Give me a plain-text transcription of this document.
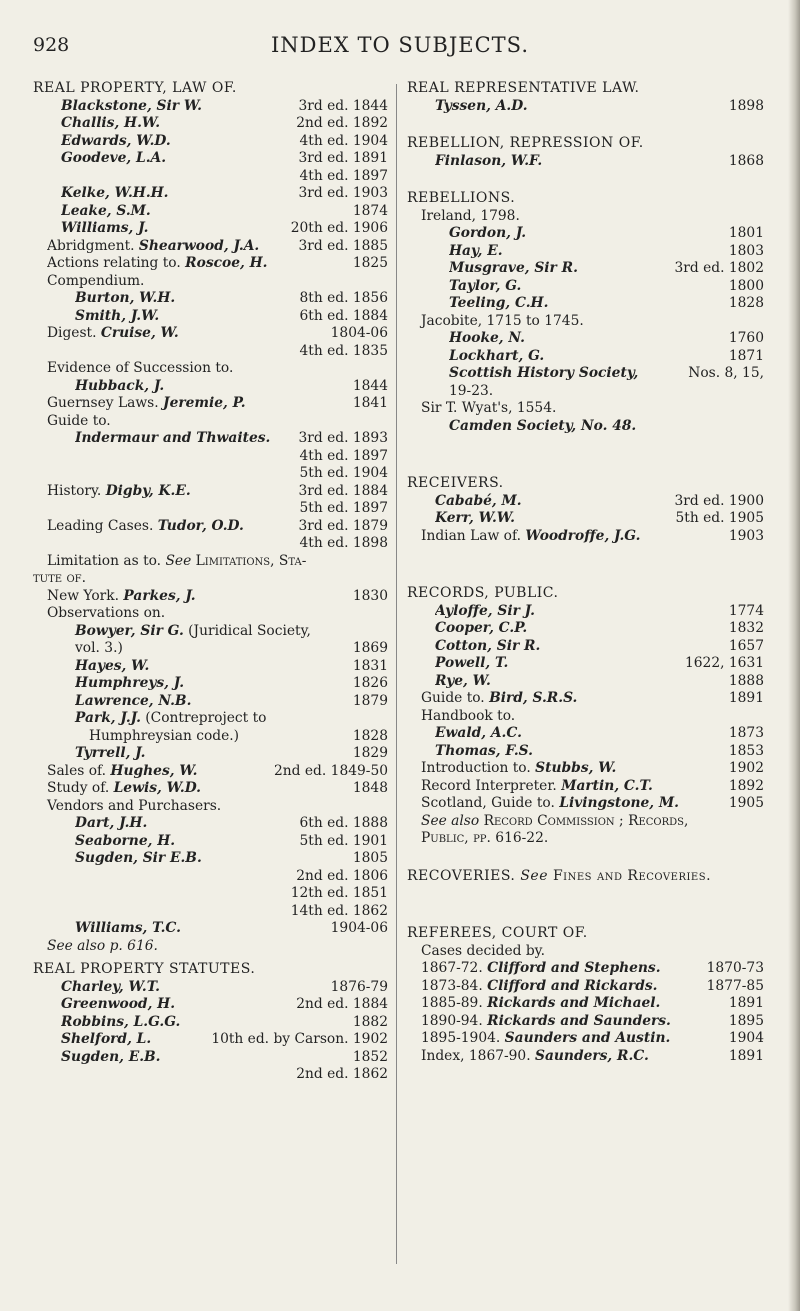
928	INDEX TO SUBJECTS.
REAL PROPERTY, LAW OF.
Blackstone, Sir W.	3rd ed. 1844
Challis, H.W.	2nd ed. 1892
Edwards, W.D.	4th ed. 1904
Goodeve, L.A.	3rd ed. 1891
4th ed. 1897
Kelke, W.H.H.	3rd ed. 1903
Leake, S.M.	1874
Williams, J.	20th ed. 1906
Abridgment. Shearwood, J.A.	3rd ed. 1885
Actions relating to. Roscoe, H.	1825
Compendium.
Burton, W.H.	8th ed. 1856
Smith, J.W.	6th ed. 1884
Digest. Cruise, W.	1804-06
4th ed. 1835
Evidence of Succession to.
Hubback, J.	1844
Guernsey Laws. Jeremie, P.	1841
Guide to.
Indermaur and Thwaites.	3rd ed. 1893
4th ed. 1897
5th ed. 1904
History. Digby, K.E.	3rd ed. 1884
5th ed. 1897
Leading Cases. Tudor, O.D.	3rd ed. 1879
4th ed. 1898
Limitation as to. See Limitations, Sta-
tute of.
New York. Parkes, J.	1830
Observations on.
Bowyer, Sir G. (Juridical Society,
vol. 3.)	1869
Hayes, W.	1831
Humphreys, J.	1826
Lawrence, N.B.	1879
Park, J.J. (Contreproject to
Humphreysian code.)	1828
Tyrrell, J.	1829
Sales of. Hughes, W.	2nd ed. 1849-50
Study of. Lewis, W.D.	1848
Vendors and Purchasers.
Dart, J.H.	6th ed. 1888
Seaborne, H.	5th ed. 1901
Sugden, Sir E.B.	1805
2nd ed. 1806
12th ed. 1851
14th ed. 1862
Williams, T.C.	1904-06
See also p. 616.
REAL PROPERTY STATUTES.
Charley, W.T.	1876-79
Greenwood, H.	2nd ed. 1884
Robbins, L.G.G.	1882
Shelford, L.	10th ed. by Carson. 1902
Sugden, E.B.	1852
2nd ed. 1862
REAL REPRESENTATIVE LAW.
Tyssen, A.D.	1898
REBELLION, REPRESSION OF.
Finlason, W.F.	1868
REBELLIONS.
Ireland, 1798.
Gordon, J.	1801
Hay, E.	1803
Musgrave, Sir R.	3rd ed. 1802
Taylor, G.	1800
Teeling, C.H.	1828
Jacobite, 1715 to 1745.
Hooke, N.	1760
Lockhart, G.	1871
Scottish History Society,	Nos. 8, 15,
19-23.
Sir T. Wyat's, 1554.
Camden Society, No. 48.
RECEIVERS.
Cababé, M.	3rd ed. 1900
Kerr, W.W.	5th ed. 1905
Indian Law of. Woodroffe, J.G.	1903
RECORDS, PUBLIC.
Ayloffe, Sir J.	1774
Cooper, C.P.	1832
Cotton, Sir R.	1657
Powell, T.	1622, 1631
Rye, W.	1888
Guide to. Bird, S.R.S.	1891
Handbook to.
Ewald, A.C.	1873
Thomas, F.S.	1853
Introduction to. Stubbs, W.	1902
Record Interpreter. Martin, C.T.	1892
Scotland, Guide to. Livingstone, M.	1905
See also Record Commission ; Records,
Public, pp. 616-22.
RECOVERIES. See Fines and Recoveries.
REFEREES, COURT OF.
Cases decided by.
1867-72. Clifford and Stephens.	1870-73
1873-84. Clifford and Rickards.	1877-85
1885-89. Rickards and Michael.	1891
1890-94. Rickards and Saunders.	1895
1895-1904. Saunders and Austin.	1904
Index, 1867-90. Saunders, R.C.	1891
